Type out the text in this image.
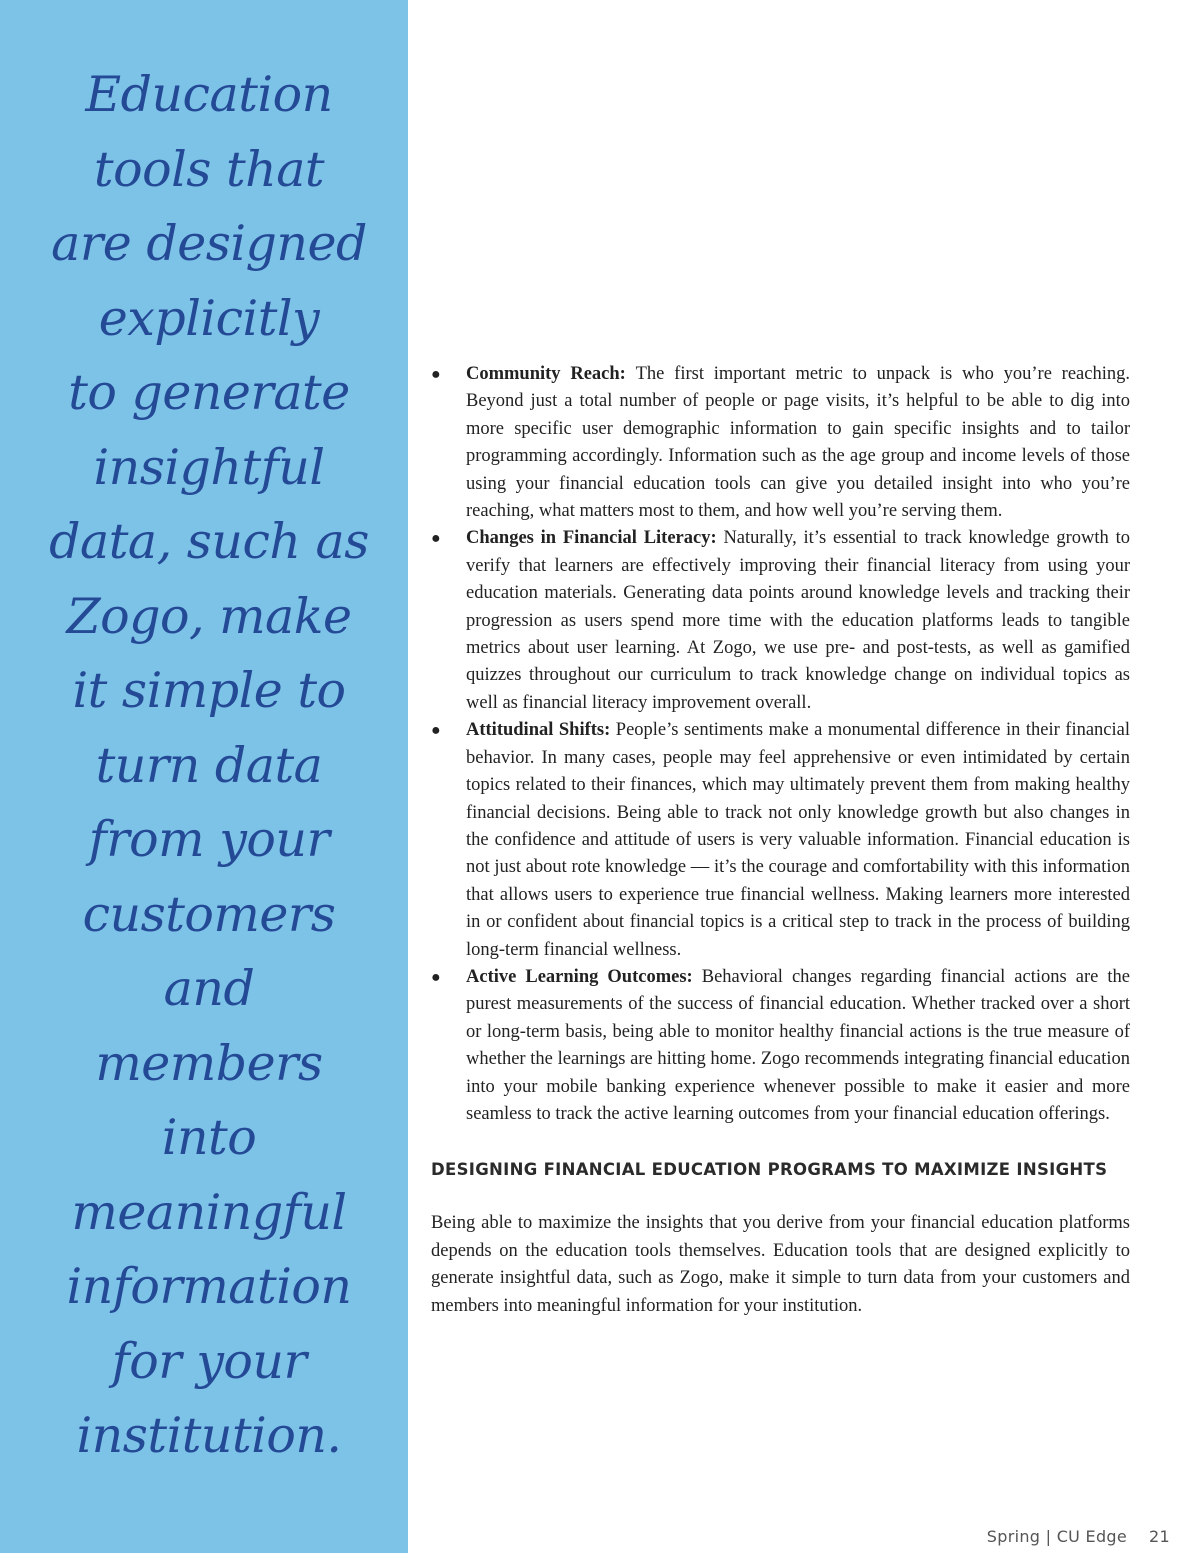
Education
tools that
are designed
explicitly
to generate
insightful
data, such as
Zogo, make
it simple to
turn data
from your
customers
and
members
into
meaningful
information
for your
institution.

● Community Reach: The first important metric to unpack is who you’re reaching. Beyond just a total number of people or page visits, it’s helpful to be able to dig into more specific user demographic information to gain specific insights and to tailor programming accordingly. Information such as the age group and income levels of those using your financial education tools can give you detailed insight into who you’re reaching, what matters most to them, and how well you’re serving them.
● Changes in Financial Literacy: Naturally, it’s essential to track knowledge growth to verify that learners are effectively improving their financial literacy from using your education materials. Generating data points around knowledge levels and tracking their progression as users spend more time with the education platforms leads to tangible metrics about user learning. At Zogo, we use pre- and post-tests, as well as gamified quizzes throughout our curriculum to track knowledge change on individual topics as well as financial literacy improvement overall.
● Attitudinal Shifts: People’s sentiments make a monumental difference in their financial behavior. In many cases, people may feel apprehensive or even intimidated by certain topics related to their finances, which may ultimately prevent them from making healthy financial decisions. Being able to track not only knowledge growth but also changes in the confidence and attitude of users is very valuable information. Financial education is not just about rote knowledge — it’s the courage and comfortability with this information that allows users to experience true financial wellness. Making learners more interested in or confident about financial topics is a critical step to track in the process of building long-term financial wellness.
● Active Learning Outcomes: Behavioral changes regarding financial actions are the purest measurements of the success of financial education. Whether tracked over a short or long-term basis, being able to monitor healthy financial actions is the true measure of whether the learnings are hitting home. Zogo recommends integrating financial education into your mobile banking experience whenever possible to make it easier and more seamless to track the active learning outcomes from your financial education offerings.
DESIGNING FINANCIAL EDUCATION PROGRAMS TO MAXIMIZE INSIGHTS

Being able to maximize the insights that you derive from your financial education platforms depends on the education tools themselves. Education tools that are designed explicitly to generate insightful data, such as Zogo, make it simple to turn data from your customers and members into meaningful information for your institution.

Spring | CU Edge 21
